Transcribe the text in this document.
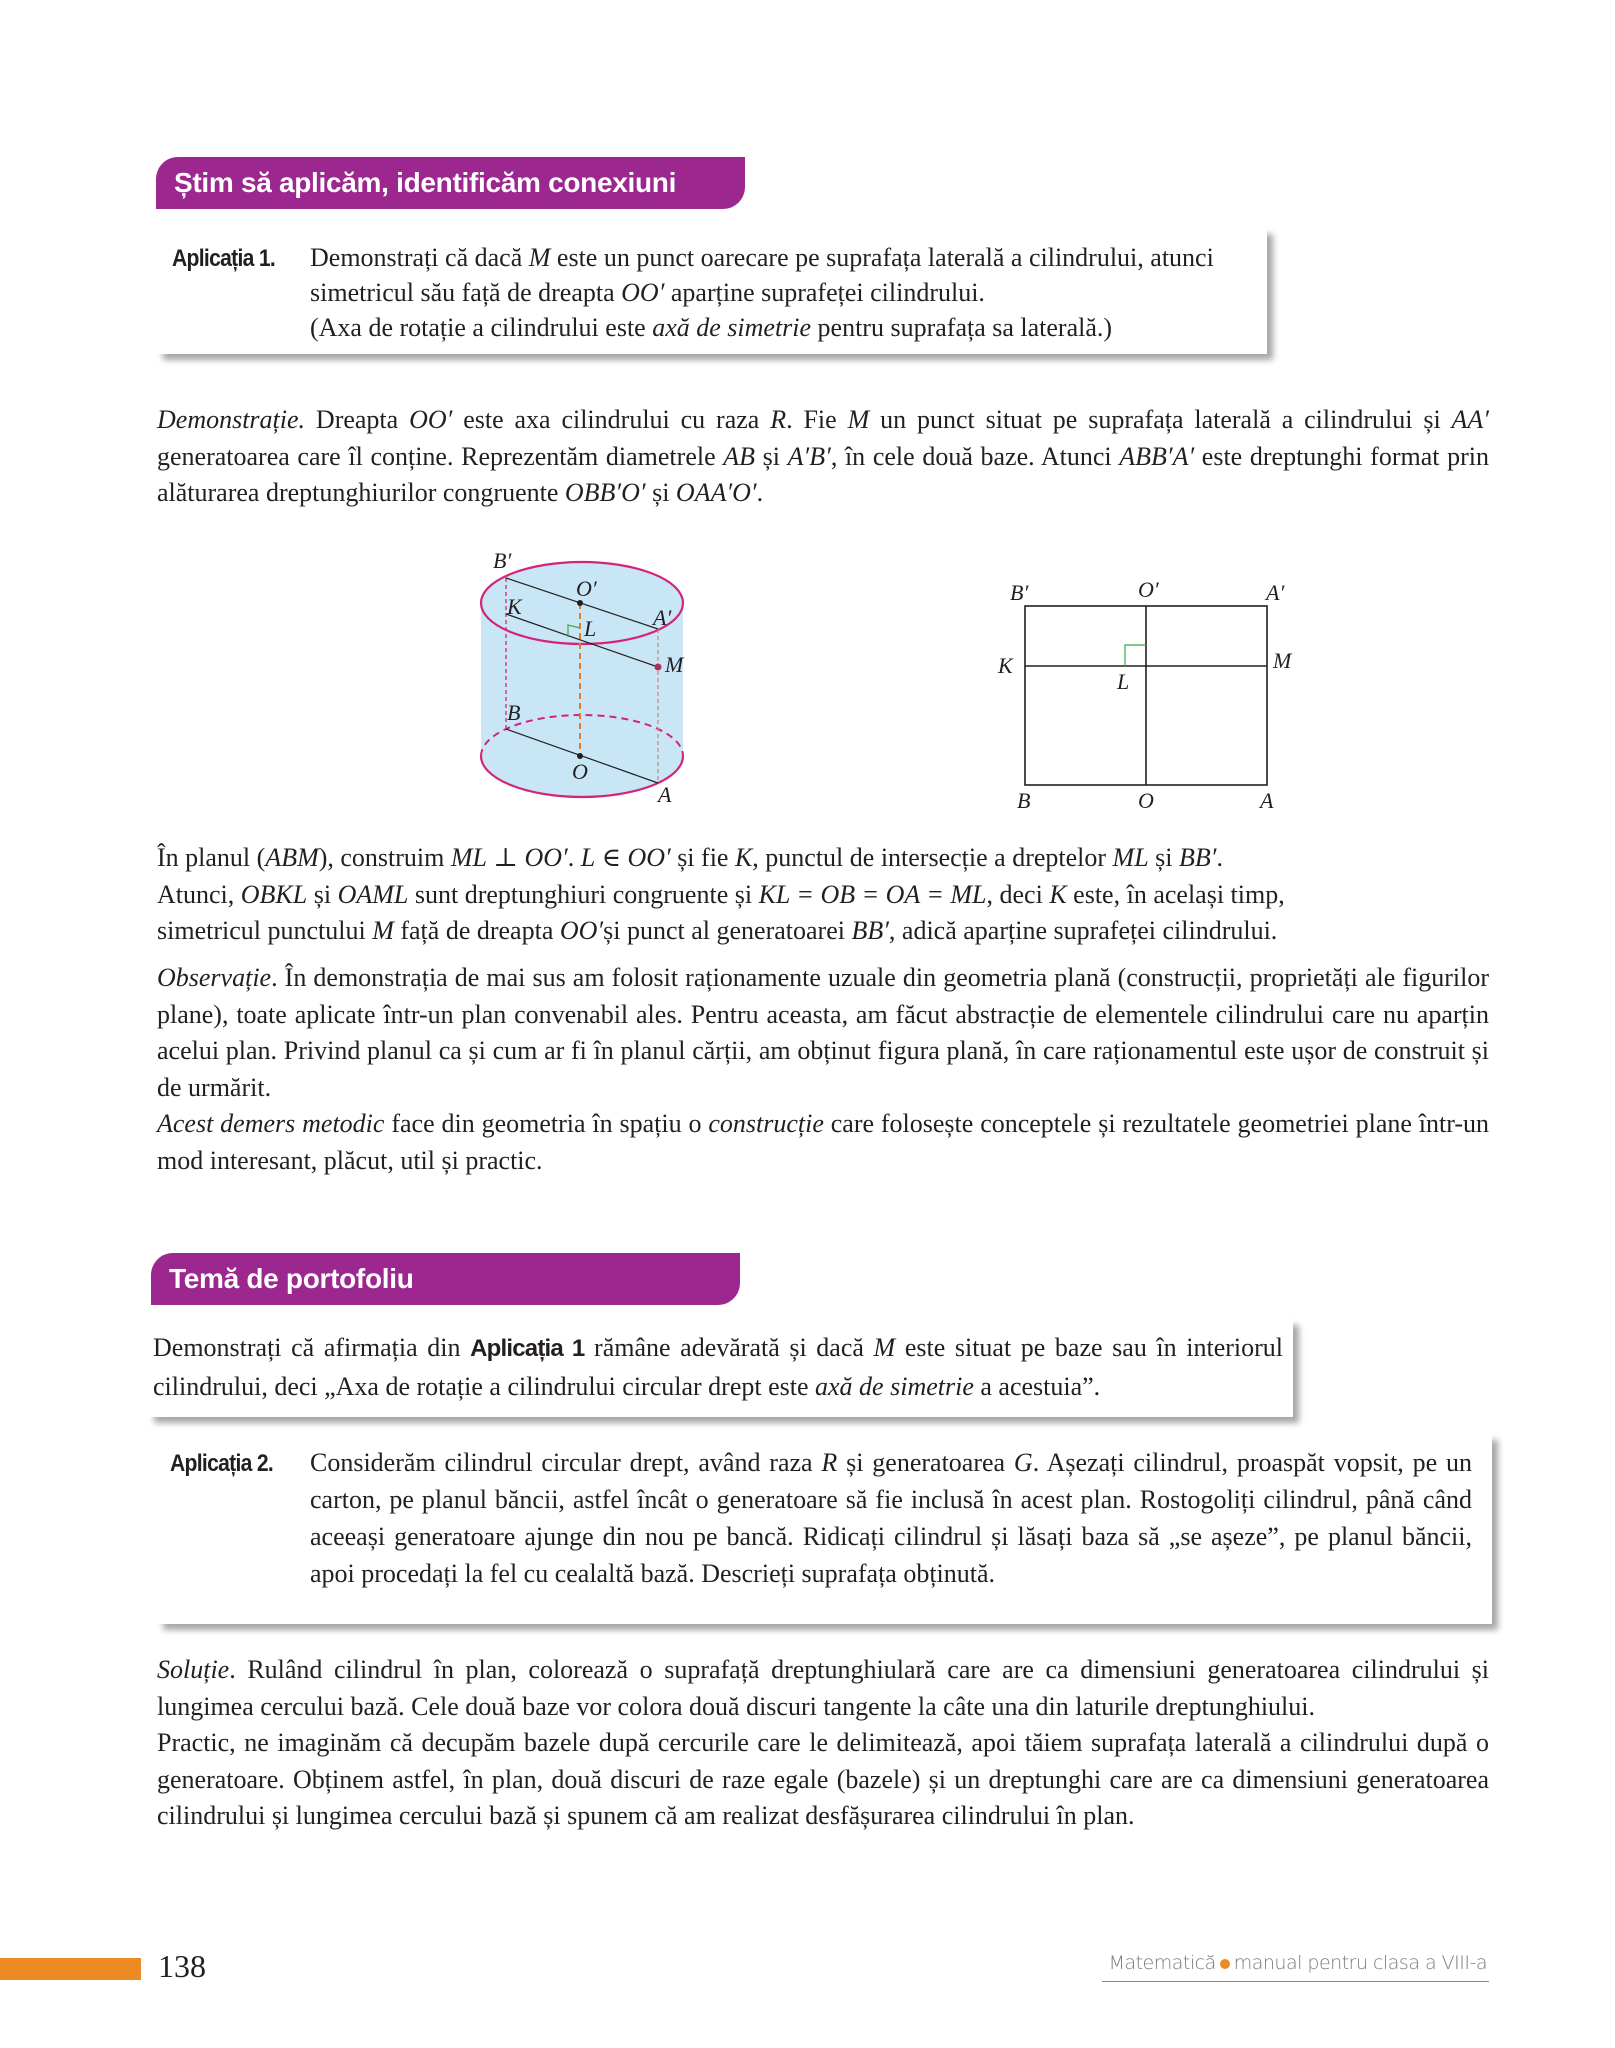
Știm să aplicăm, identificăm conexiuni
Aplicația 1.	Demonstrați că dacă M este un punct oarecare pe suprafața laterală a cilindrului, atunci
simetricul său față de dreapta OO′ aparține suprafeței cilindrului.
(Axa de rotație a cilindrului este axă de simetrie pentru suprafața sa laterală.)

Demonstrație. Dreapta OO′ este axa cilindrului cu raza R. Fie M un punct situat pe suprafața laterală a cilindrului și AA′ generatoarea care îl conține. Reprezentăm diametrele AB și A′B′, în cele două baze. Atunci ABB′A′ este dreptunghi format prin alăturarea dreptunghiurilor congruente OBB′O′ și OAA′O′.

B′
O′
K
L	A′
M
B
O
A
B′	O′	A′
K
L
M
B	O	A
În planul (ABM), construim ML ⊥ OO′. L ∈ OO′ și fie K, punctul de intersecție a dreptelor ML și BB′.
Atunci, OBKL și OAML sunt dreptunghiuri congruente și KL = OB = OA = ML, deci K este, în același timp,
simetricul punctului M față de dreapta OO′și punct al generatoarei BB′, adică aparține suprafeței cilindrului.

Observație. În demonstrația de mai sus am folosit raționamente uzuale din geometria plană (construcții, proprietăți ale figurilor plane), toate aplicate într-un plan convenabil ales. Pentru aceasta, am făcut abstracție de elementele cilindrului care nu aparțin acelui plan. Privind planul ca și cum ar fi în planul cărții, am obținut figura plană, în care raționamentul este ușor de construit și de urmărit.

Acest demers metodic face din geometria în spațiu o construcție care folosește conceptele și rezultatele geometriei plane într-un mod interesant, plăcut, util și practic.

Temă de portofoliu

Demonstrați că afirmația din Aplicația 1 rămâne adevărată și dacă M este situat pe baze sau în interiorul cilindrului, deci „Axa de rotație a cilindrului circular drept este axă de simetrie a acestuia”.

Aplicația 2.	Considerăm cilindrul circular drept, având raza R și generatoarea G. Așezați cilindrul, proaspăt vopsit, pe un carton, pe planul băncii, astfel încât o generatoare să fie inclusă în acest plan. Rostogoliți cilindrul, până când aceeași generatoare ajunge din nou pe bancă. Ridicați cilindrul și lăsați baza să „se așeze”, pe planul băncii, apoi procedați la fel cu cealaltă bază. Descrieți suprafața obținută.

Soluție. Rulând cilindrul în plan, colorează o suprafață dreptunghiulară care are ca dimensiuni generatoarea cilindrului și lungimea cercului bază. Cele două baze vor colora două discuri tangente la câte una din laturile dreptunghiului.

Practic, ne imaginăm că decupăm bazele după cercurile care le delimitează, apoi tăiem suprafața laterală a cilindrului după o generatoare. Obținem astfel, în plan, două discuri de raze egale (bazele) și un dreptunghi care are ca dimensiuni generatoarea cilindrului și lungimea cercului bază și spunem că am realizat desfășurarea cilindrului în plan.

138	Matematică manual pentru clasa a VIII-a
